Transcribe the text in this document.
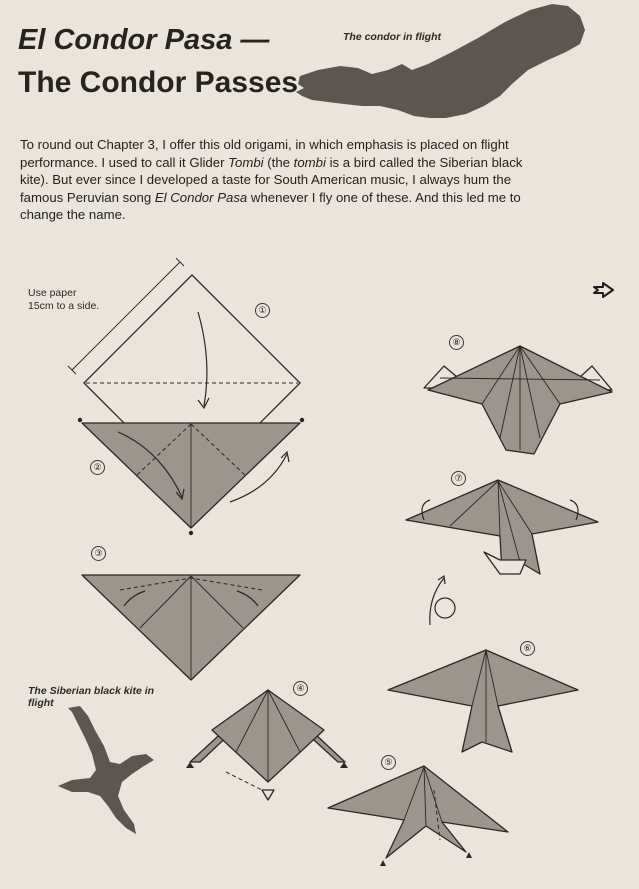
El Condor Pasa —
The Condor Passes
The condor in flight

To round out Chapter 3, I offer this old origami, in which emphasis is placed on flight performance. I used to call it Glider Tombi (the tombi is a bird called the Siberian black kite). But ever since I developed a taste for South American music, I always hum the famous Peruvian song El Condor Pasa whenever I fly one of these. And this led me to change the name.

Use paper
15cm to a side.	①
②
③
④
⑤
⑥
⑦
⑧
The Siberian black kite in
flight
